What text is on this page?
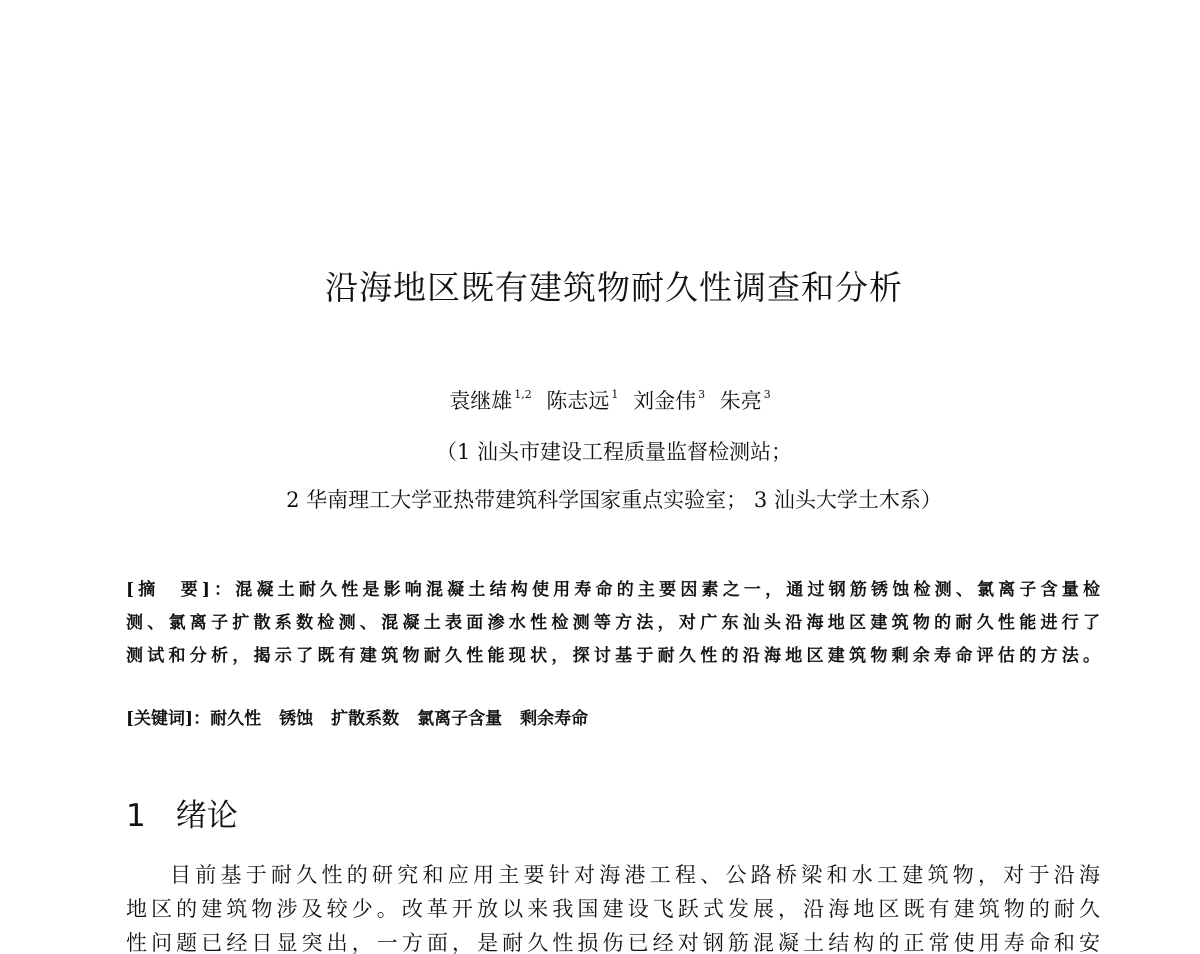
沿海地区既有建筑物耐久性调查和分析
袁继雄 $^{1,2}$ 陈志远 $^1$ 刘金伟 $^3$ 朱亮 $^3$
（1 汕头市建设工程质量监督检测站；
2 华南理工大学亚热带建筑科学国家重点实验室； 3 汕头大学土木系）

[摘　要]：混凝土耐久性是影响混凝土结构使用寿命的主要因素之一，通过钢筋锈蚀检测、氯离子含量检
测、氯离子扩散系数检测、混凝土表面渗水性检测等方法，对广东汕头沿海地区建筑物的耐久性能进行了
测试和分析，揭示了既有建筑物耐久性能现状，探讨基于耐久性的沿海地区建筑物剩余寿命评估的方法。

[关键词]：耐久性 锈蚀 扩散系数 氯离子含量 剩余寿命
1 绪论

目前基于耐久性的研究和应用主要针对海港工程、公路桥梁和水工建筑物，对于沿海
地区的建筑物涉及较少。改革开放以来我国建设飞跃式发展，沿海地区既有建筑物的耐久
性问题已经日显突出，一方面，是耐久性损伤已经对钢筋混凝土结构的正常使用寿命和安
